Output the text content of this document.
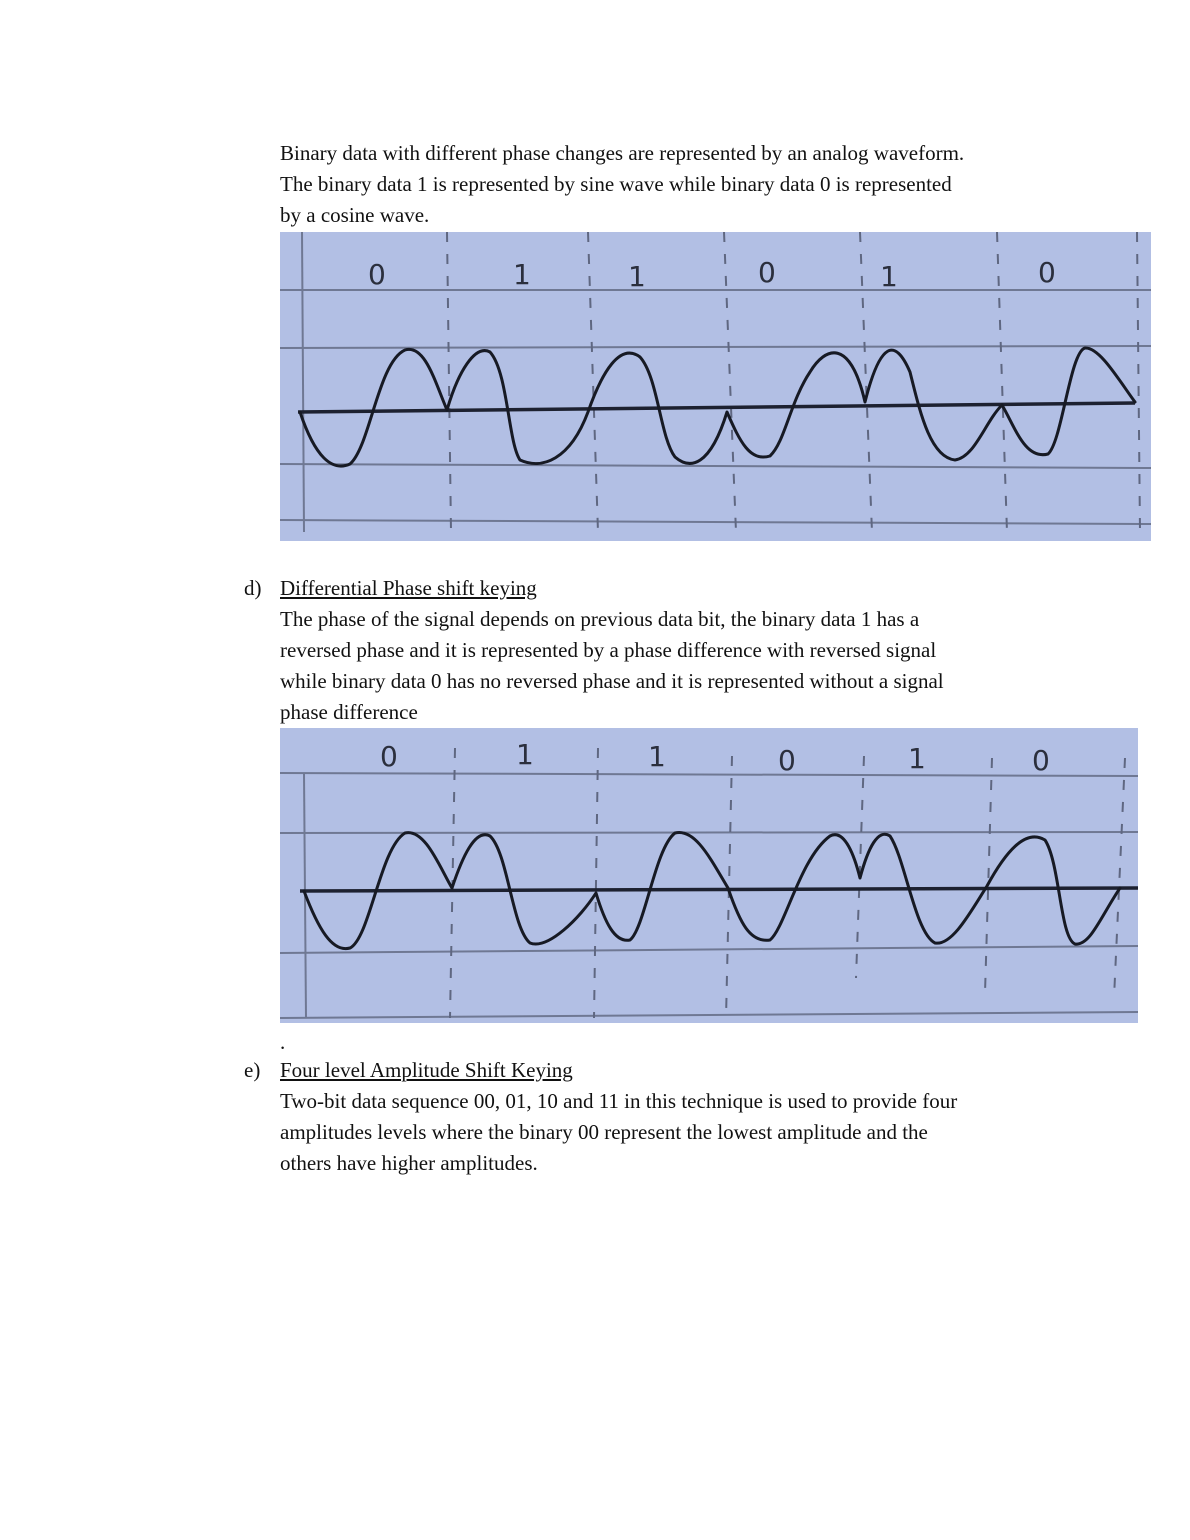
Binary data with different phase changes are represented by an analog waveform.
The binary data 1 is represented by sine wave while binary data 0 is represented
by a cosine wave.

0	1	1	0	1	0
d) Differential Phase shift keying

The phase of the signal depends on previous data bit, the binary data 1 has a
reversed phase and it is represented by a phase difference with reversed signal
while binary data 0 has no reversed phase and it is represented without a signal
phase difference

0	1	1	0	1	0
.
e) Four level Amplitude Shift Keying

Two-bit data sequence 00, 01, 10 and 11 in this technique is used to provide four
amplitudes levels where the binary 00 represent the lowest amplitude and the
others have higher amplitudes.
